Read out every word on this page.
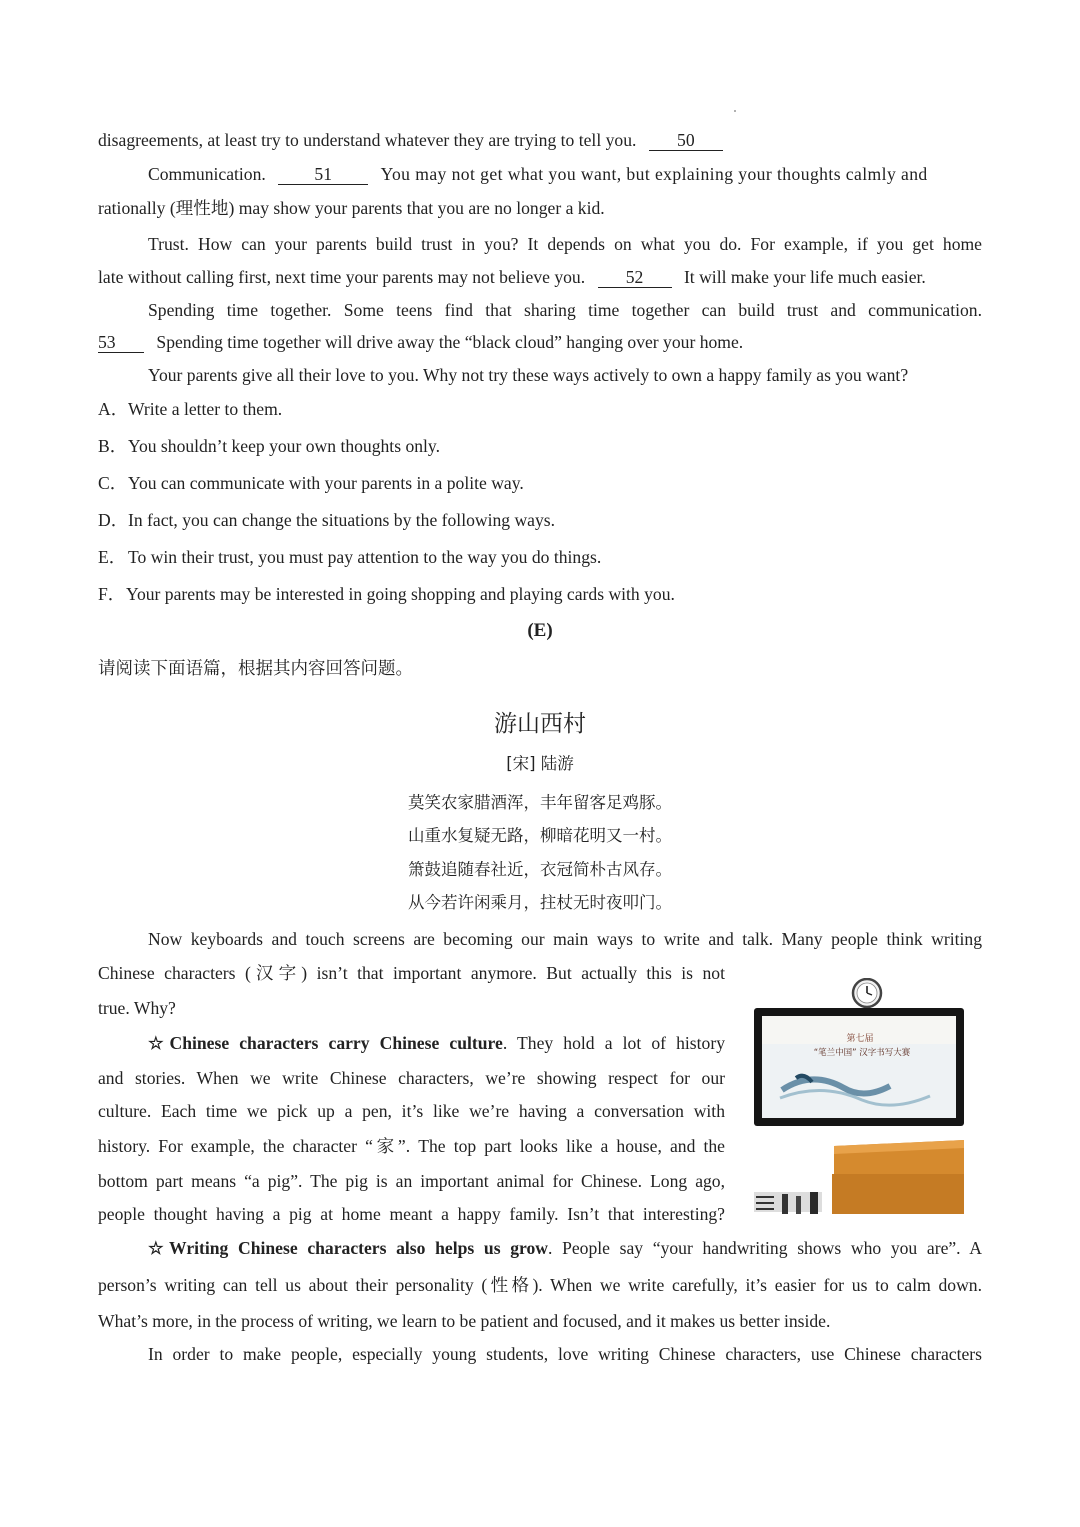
disagreements, at least try to understand whatever they are trying to tell you. 50
Communication.	51	You may not get what you want, but explaining your thoughts calmly and
rationally (理性地) may show your parents that you are no longer a kid.
Trust. How can your parents build trust in you? It depends on what you do. For example, if you get home
late without calling first, next time your parents may not believe you. 52 It will make your life much easier.
Spending time together. Some teens find that sharing time together can build trust and communication.
53 Spending time together will drive away the “black cloud” hanging over your home.
Your parents give all their love to you. Why not try these ways actively to own a happy family as you want?
A．Write a letter to them.
B．You shouldn’t keep your own thoughts only.
C．You can communicate with your parents in a polite way.
D．In fact, you can change the situations by the following ways.
E．To win their trust, you must pay attention to the way you do things.
F．Your parents may be interested in going shopping and playing cards with you.
(E)
请阅读下面语篇，根据其内容回答问题。
游山西村
[宋] 陆游
莫笑农家腊酒浑，丰年留客足鸡豚。
山重水复疑无路，柳暗花明又一村。
箫鼓追随春社近，衣冠简朴古风存。
从今若许闲乘月，拄杖无时夜叩门。
Now keyboards and touch screens are becoming our main ways to write and talk. Many people think writing
Chinese characters (汉字) isn’t that important anymore. But actually this is not
true. Why?
☆Chinese characters carry Chinese culture. They hold a lot of history
and stories. When we write Chinese characters, we’re showing respect for our
culture. Each time we pick up a pen, it’s like we’re having a conversation with
history. For example, the character “家”. The top part looks like a house, and the
bottom part means “a pig”. The pig is an important animal for Chinese. Long ago,
people thought having a pig at home meant a happy family. Isn’t that interesting?
☆Writing Chinese characters also helps us grow. People say “your handwriting shows who you are”. A
person’s writing can tell us about their personality (性格). When we write carefully, it’s easier for us to calm down.
What’s more, in the process of writing, we learn to be patient and focused, and it makes us better inside.
In order to make people, especially young students, love writing Chinese characters, use Chinese characters
第七届
“笔兰中国” 汉字书写大赛
